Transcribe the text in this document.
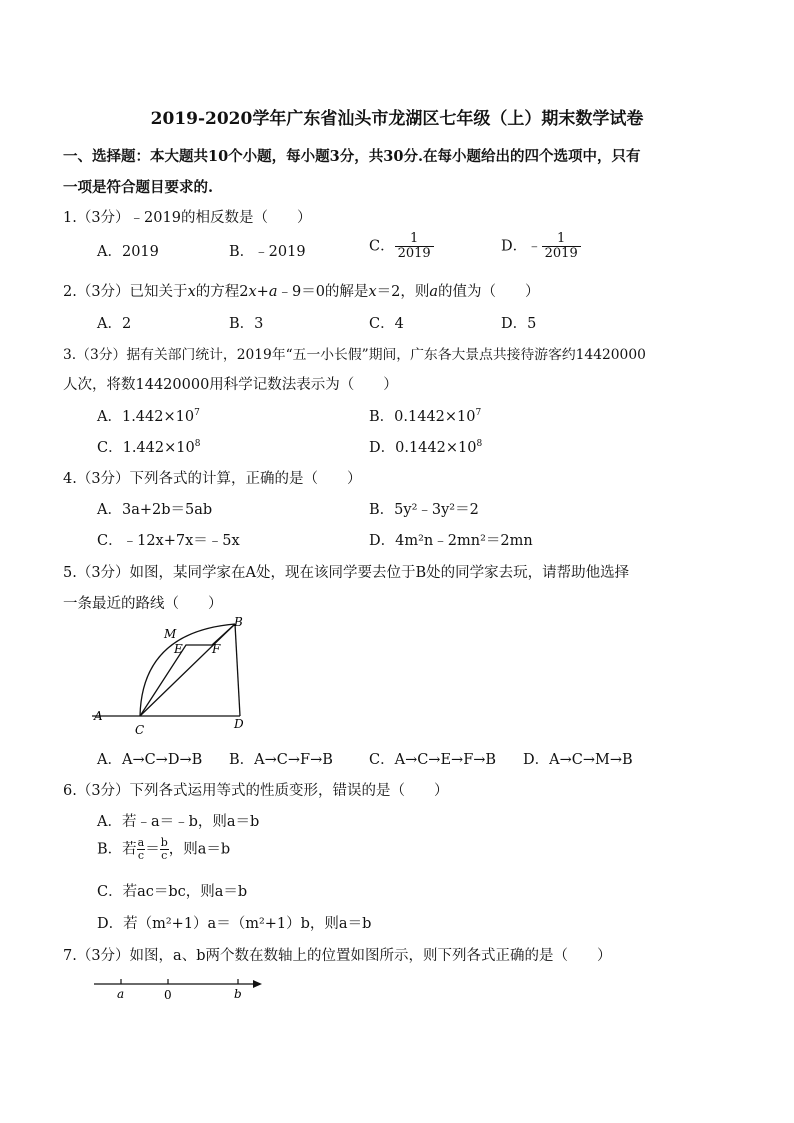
2019-2020学年广东省汕头市龙湖区七年级（上）期末数学试卷
一、选择题：本大题共10个小题，每小题3分，共30分.在每小题给出的四个选项中，只有
一项是符合题目要求的.
1.（3分）﹣2019的相反数是（　　）
A．2019	B．﹣2019	C． $\frac{1}{2019}$	D．﹣ $\frac{1}{2019}$
2.（3分）已知关于x的方程2x+a﹣9＝0的解是x＝2，则a的值为（　　）
A．2	B．3	C．4	D．5
3.（3分）据有关部门统计，2019年“五一小长假”期间，广东各大景点共接待游客约14420000
人次，将数14420000用科学记数法表示为（　　）
A．$1.442\times 10^7$	B．$0.1442\times 10^7$
C．$1.442\times 10^8$	D．$0.1442\times 10^8$
4.（3分）下列各式的计算，正确的是（　　）
A．3a+2b＝5ab	B．5y²﹣3y²＝2
C．﹣12x+7x＝﹣5x	D．4m²n﹣2mn²＝2mn
5.（3分）如图，某同学家在A处，现在该同学要去位于B处的同学家去玩，请帮助他选择
一条最近的路线（　　）
M
B
E F
A
C	D
A．A→C→D→B B．A→C→F→B C．A→C→E→F→B D．A→C→M→B
6.（3分）下列各式运用等式的性质变形，错误的是（　　）
A．若﹣a＝﹣b，则a＝b
B．若 $\frac{a}{c} = \frac{b}{c}$ ，则a＝b
C．若ac＝bc，则a＝b
D．若（m²+1）a＝（m²+1）b，则a＝b
7.（3分）如图，a、b两个数在数轴上的位置如图所示，则下列各式正确的是（　　）
a	0	b
